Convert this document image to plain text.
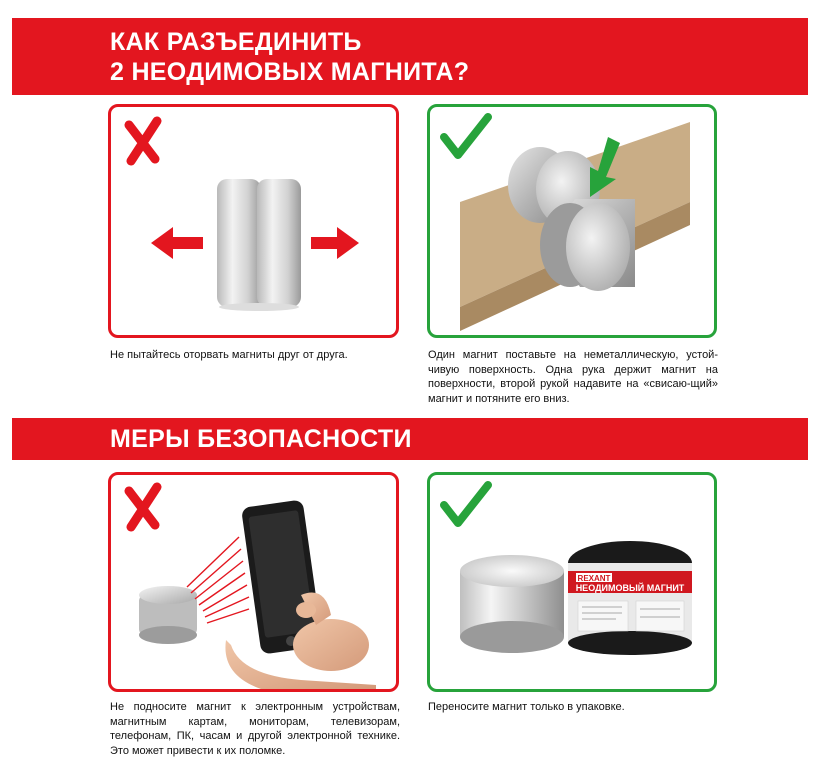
КАК РАЗЪЕДИНИТЬ
2 НЕОДИМОВЫХ МАГНИТА?
Не пытайтесь оторвать магниты друг от друга.	Один магнит поставьте на неметаллическую, устой-чивую поверхность. Одна рука держит магнит на поверхности, второй рукой надавите на «свисаю-щий» магнит и потяните его вниз.
МЕРЫ БЕЗОПАСНОСТИ
REXANT
НЕОДИМОВЫЙ МАГНИТ
Не подносите магнит к электронным устройствам, магнитным картам, мониторам, телевизорам, телефонам, ПК, часам и другой электронной технике. Это может привести к их поломке.
Переносите магнит только в упаковке.
